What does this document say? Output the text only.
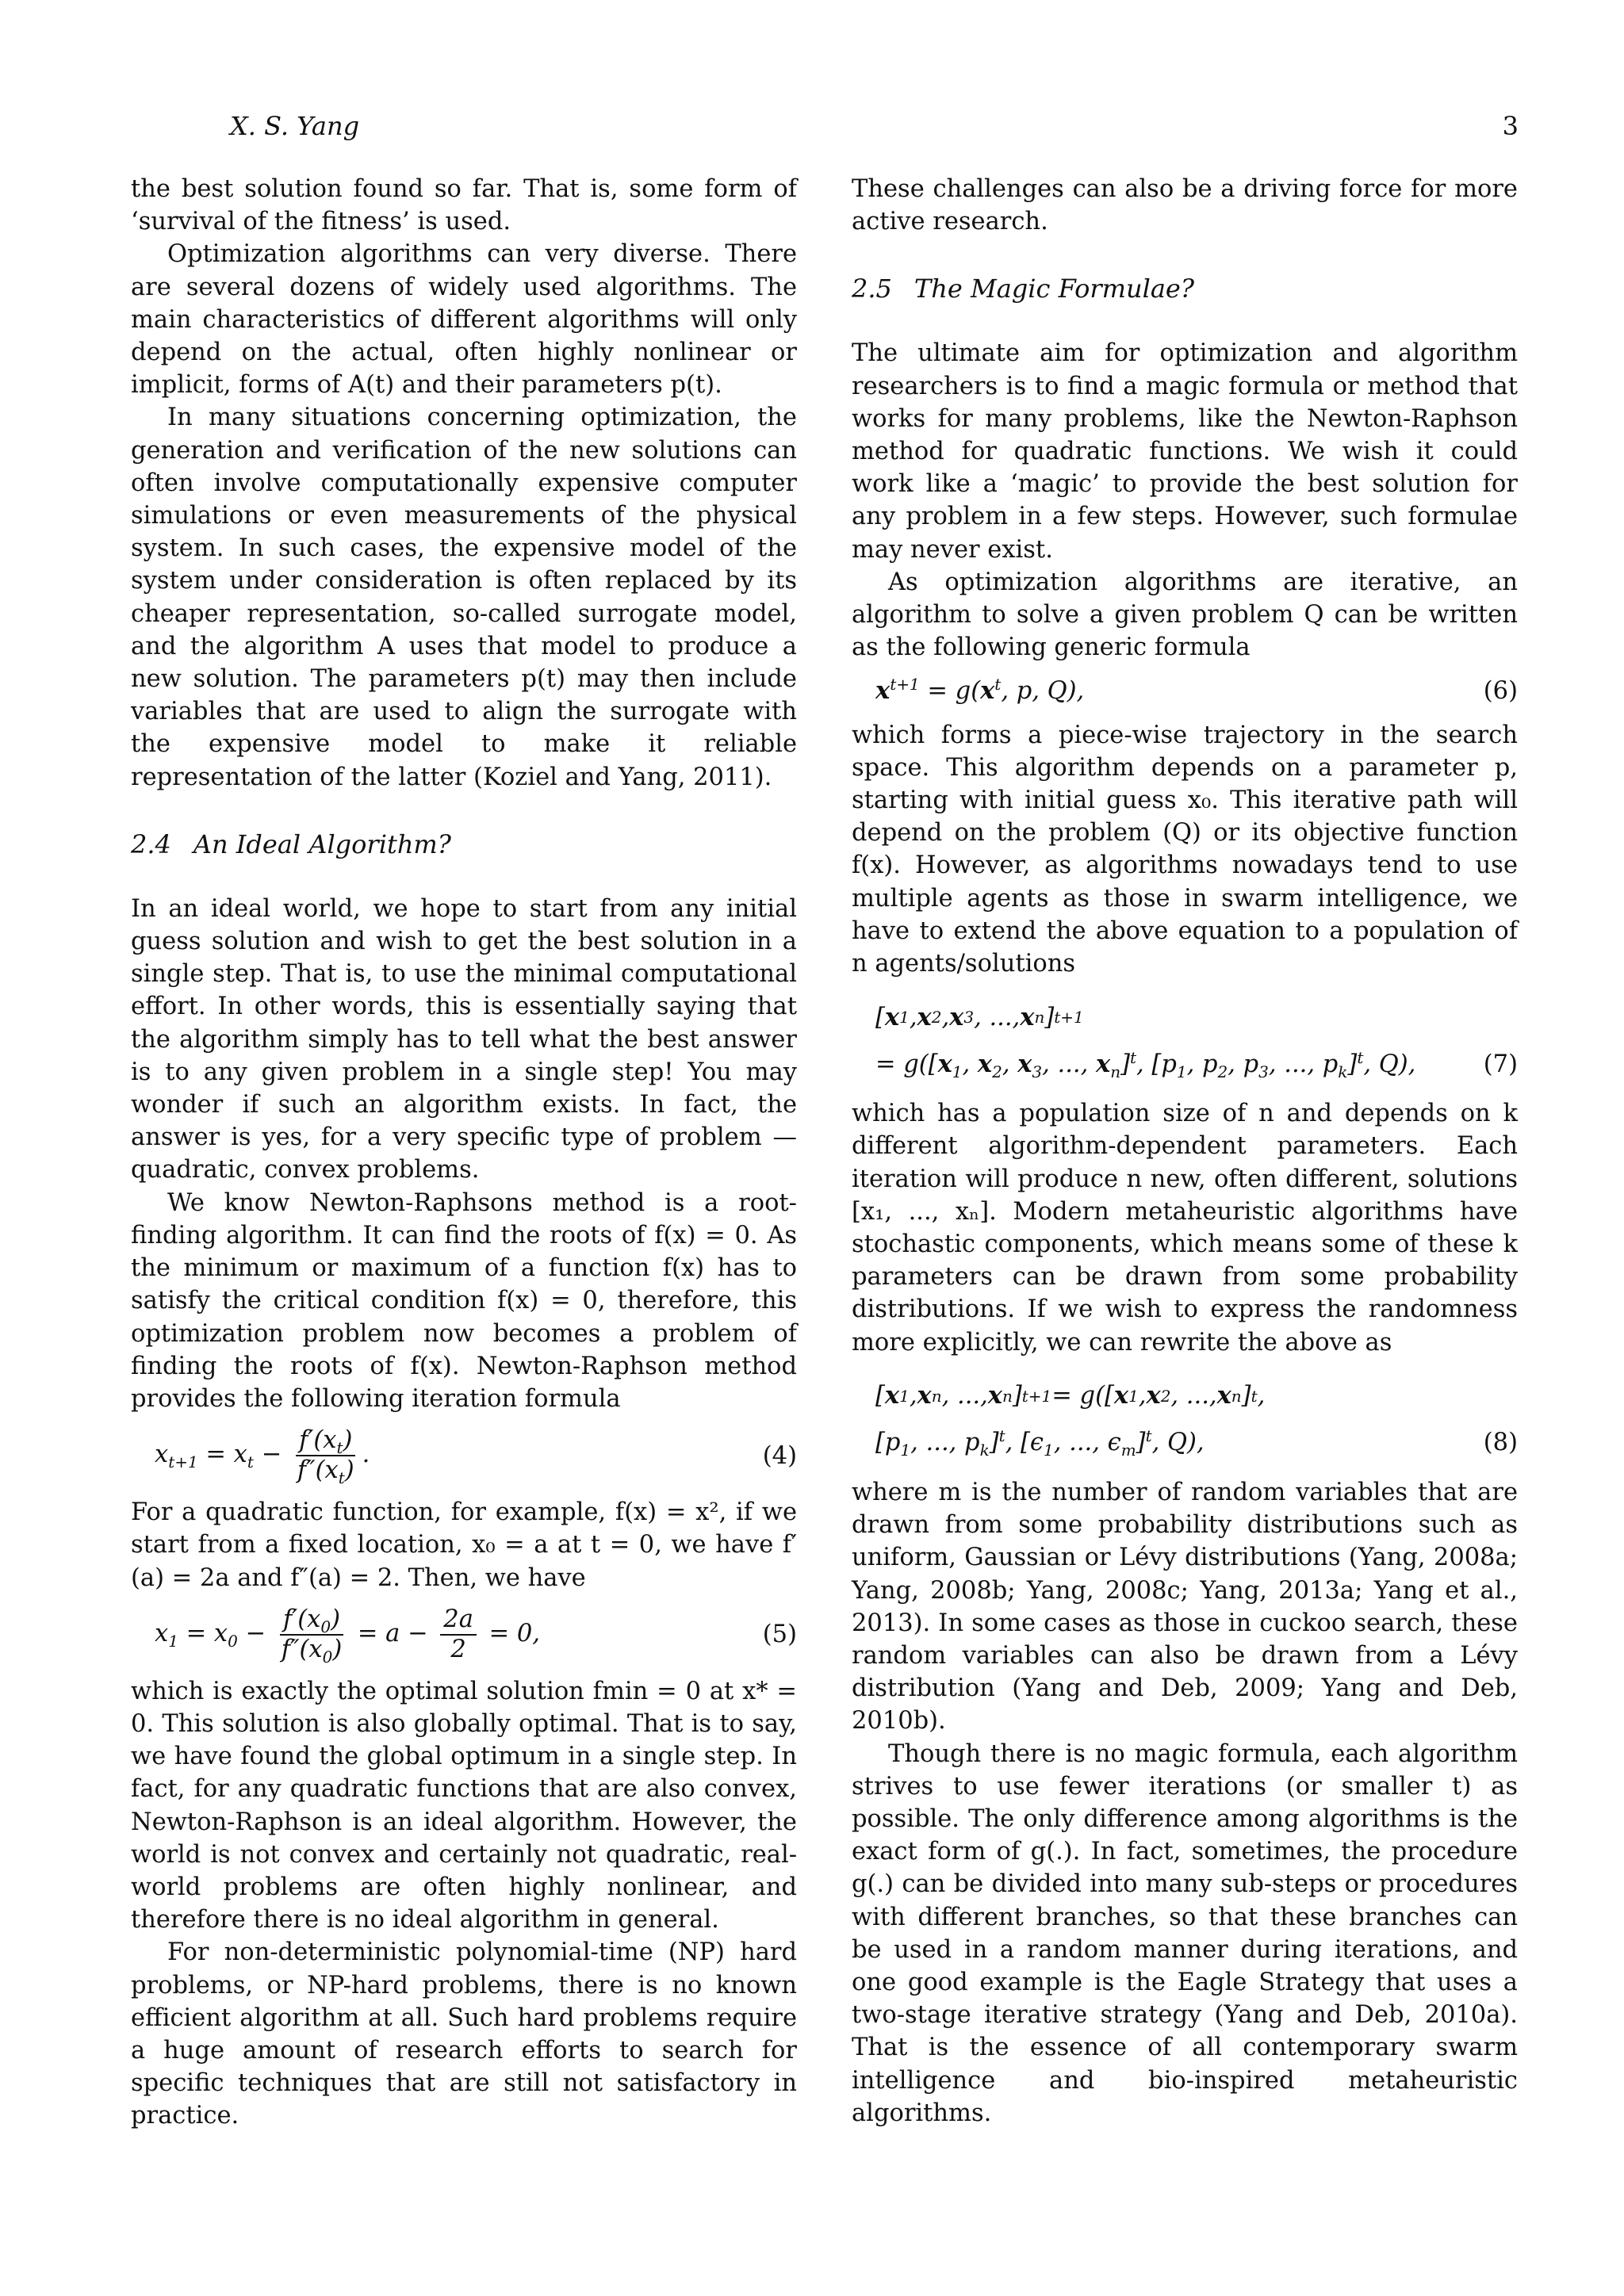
X. S. Yang	3

the best solution found so far. That is, some form of ‘survival of the fitness’ is used.

Optimization algorithms can very diverse. There are several dozens of widely used algorithms. The main characteristics of different algorithms will only depend on the actual, often highly nonlinear or implicit, forms of A(t) and their parameters p(t).

In many situations concerning optimization, the generation and verification of the new solutions can often involve computationally expensive computer simulations or even measurements of the physical system. In such cases, the expensive model of the system under consideration is often replaced by its cheaper representation, so-called surrogate model, and the algorithm A uses that model to produce a new solution. The parameters p(t) may then include variables that are used to align the surrogate with the expensive model to make it reliable representation of the latter (Koziel and Yang, 2011).

2.4 An Ideal Algorithm?

In an ideal world, we hope to start from any initial guess solution and wish to get the best solution in a single step. That is, to use the minimal computational effort. In other words, this is essentially saying that the algorithm simply has to tell what the best answer is to any given problem in a single step! You may wonder if such an algorithm exists. In fact, the answer is yes, for a very specific type of problem — quadratic, convex problems.

We know Newton-Raphsons method is a root-finding algorithm. It can find the roots of f(x) = 0. As the minimum or maximum of a function f(x) has to satisfy the critical condition f(x) = 0, therefore, this optimization problem now becomes a problem of finding the roots of f(x). Newton-Raphson method provides the following iteration formula

$x_{t+1} = x_t - \frac{f'(x_t)}{f''(x_t)}$ .	(4)

For a quadratic function, for example, f(x) = x², if we start from a fixed location, x₀ = a at t = 0, we have f′(a) = 2a and f″(a) = 2. Then, we have

$x_1 = x_0 - \frac{f'(x_0)}{f''(x_0)} = a - \frac{2a}{2} = 0$,	(5)

which is exactly the optimal solution fmin = 0 at x* = 0. This solution is also globally optimal. That is to say, we have found the global optimum in a single step. In fact, for any quadratic functions that are also convex, Newton-Raphson is an ideal algorithm. However, the world is not convex and certainly not quadratic, real-world problems are often highly nonlinear, and therefore there is no ideal algorithm in general.

For non-deterministic polynomial-time (NP) hard problems, or NP-hard problems, there is no known efficient algorithm at all. Such hard problems require a huge amount of research efforts to search for specific techniques that are still not satisfactory in practice.

These challenges can also be a driving force for more active research.

2.5 The Magic Formulae?

The ultimate aim for optimization and algorithm researchers is to find a magic formula or method that works for many problems, like the Newton-Raphson method for quadratic functions. We wish it could work like a ‘magic’ to provide the best solution for any problem in a few steps. However, such formulae may never exist.

As optimization algorithms are iterative, an algorithm to solve a given problem Q can be written as the following generic formula

$x^{t+1} = g(x^t$, p, Q),	(6)

which forms a piece-wise trajectory in the search space. This algorithm depends on a parameter p, starting with initial guess x₀. This iterative path will depend on the problem (Q) or its objective function f(x). However, as algorithms nowadays tend to use multiple agents as those in swarm intelligence, we have to extend the above equation to a population of n agents/solutions

[ x 1 , x 2 , x 3 , ..., x n ] t+1
= $g([x_1$, $x_2$, $x_3$, ..., $x_n]^t$, [$p_1$, $p_2$, $p_3$, ..., $p_k]^t$, Q),	(7)

which has a population size of n and depends on k different algorithm-dependent parameters. Each iteration will produce n new, often different, solutions [x₁, ..., xₙ]. Modern metaheuristic algorithms have stochastic components, which means some of these k parameters can be drawn from some probability distributions. If we wish to express the randomness more explicitly, we can rewrite the above as

[ x 1 , x n , ..., x n ] t+1 = g([ x 1 , x 2 , ..., x n ] t ,
[$p_1$, ..., $p_k]^t$, [$\epsilon_1$, ..., $\epsilon_m]^t$, Q),	(8)

where m is the number of random variables that are drawn from some probability distributions such as uniform, Gaussian or Lévy distributions (Yang, 2008a; Yang, 2008b; Yang, 2008c; Yang, 2013a; Yang et al., 2013). In some cases as those in cuckoo search, these random variables can also be drawn from a Lévy distribution (Yang and Deb, 2009; Yang and Deb, 2010b).

Though there is no magic formula, each algorithm strives to use fewer iterations (or smaller t) as possible. The only difference among algorithms is the exact form of g(.). In fact, sometimes, the procedure g(.) can be divided into many sub-steps or procedures with different branches, so that these branches can be used in a random manner during iterations, and one good example is the Eagle Strategy that uses a two-stage iterative strategy (Yang and Deb, 2010a). That is the essence of all contemporary swarm intelligence and bio-inspired metaheuristic algorithms.
